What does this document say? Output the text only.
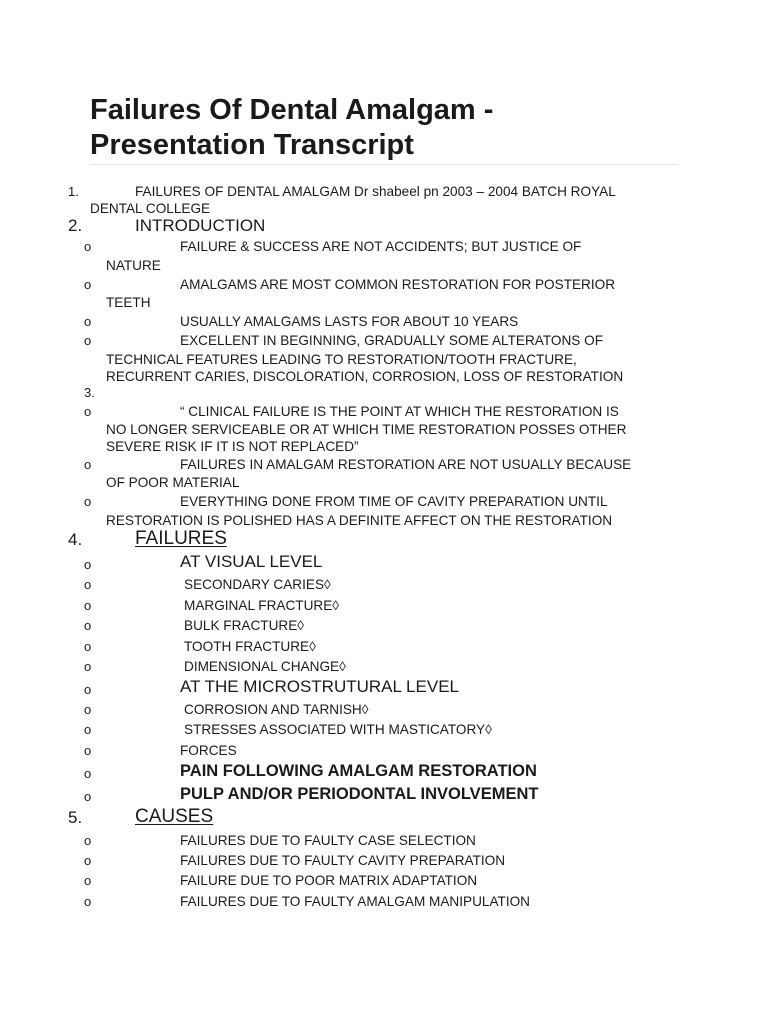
Failures Of Dental Amalgam -
Presentation Transcript
1.	FAILURES OF DENTAL AMALGAM Dr shabeel pn 2003 – 2004 BATCH ROYAL
DENTAL COLLEGE
2.	INTRODUCTION
o	FAILURE & SUCCESS ARE NOT ACCIDENTS; BUT JUSTICE OF
NATURE
o	AMALGAMS ARE MOST COMMON RESTORATION FOR POSTERIOR
TEETH
o	USUALLY AMALGAMS LASTS FOR ABOUT 10 YEARS
o	EXCELLENT IN BEGINNING, GRADUALLY SOME ALTERATONS OF
TECHNICAL FEATURES LEADING TO RESTORATION/TOOTH FRACTURE,
RECURRENT CARIES, DISCOLORATION, CORROSION, LOSS OF RESTORATION
3.
o	“ CLINICAL FAILURE IS THE POINT AT WHICH THE RESTORATION IS
NO LONGER SERVICEABLE OR AT WHICH TIME RESTORATION POSSES OTHER
SEVERE RISK IF IT IS NOT REPLACED”
o	FAILURES IN AMALGAM RESTORATION ARE NOT USUALLY BECAUSE
OF POOR MATERIAL
o	EVERYTHING DONE FROM TIME OF CAVITY PREPARATION UNTIL
RESTORATION IS POLISHED HAS A DEFINITE AFFECT ON THE RESTORATION
4.	FAILURES
o	AT VISUAL LEVEL
o	SECONDARY CARIES◊
o	MARGINAL FRACTURE◊
o	BULK FRACTURE◊
o	TOOTH FRACTURE◊
o	DIMENSIONAL CHANGE◊
o	AT THE MICROSTRUTURAL LEVEL
o	CORROSION AND TARNISH◊
o	STRESSES ASSOCIATED WITH MASTICATORY◊
o	FORCES
o	PAIN FOLLOWING AMALGAM RESTORATION
o	PULP AND/OR PERIODONTAL INVOLVEMENT
5.	CAUSES
o	FAILURES DUE TO FAULTY CASE SELECTION
o	FAILURES DUE TO FAULTY CAVITY PREPARATION
o	FAILURE DUE TO POOR MATRIX ADAPTATION
o	FAILURES DUE TO FAULTY AMALGAM MANIPULATION
